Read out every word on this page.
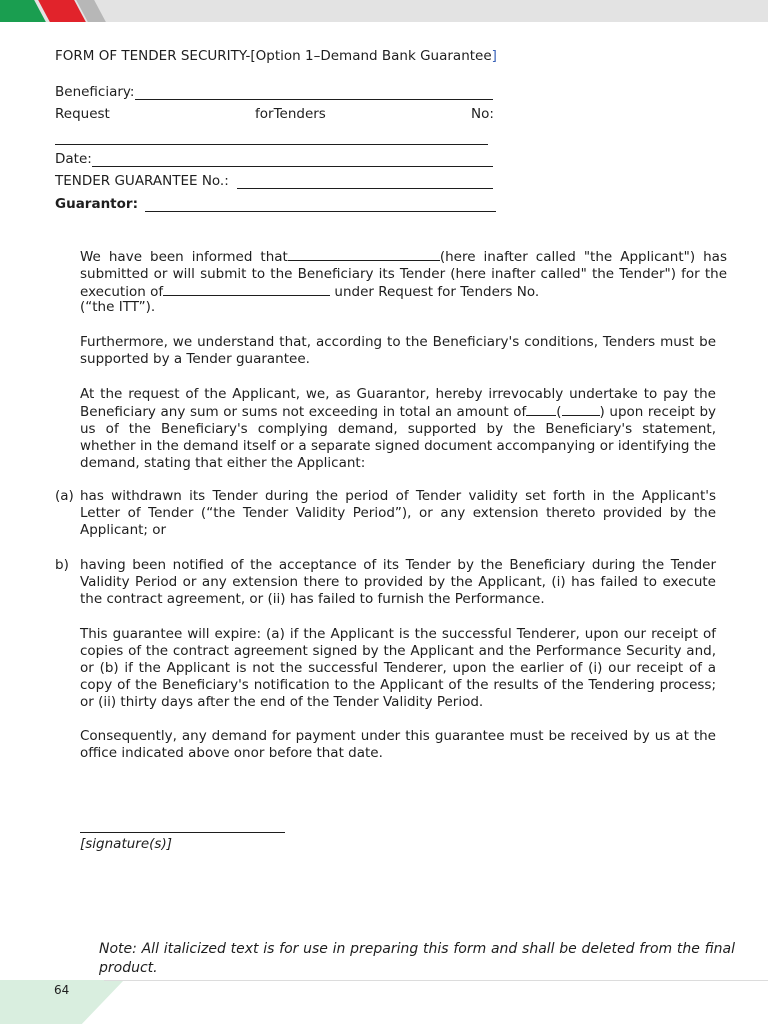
FORM OF TENDER SECURITY-[Option 1–Demand Bank Guarantee]
Beneficiary:
Request	forTenders	No:
Date:
TENDER GUARANTEE No.:
Guarantor:
We have been informed that	(here inafter called "the Applicant") has submitted or will submit to the Beneficiary its Tender (here inafter called" the Tender") for the execution of	under Request for Tenders No.
(“the ITT”).
Furthermore, we understand that, according to the Beneficiary's conditions, Tenders must be supported by a Tender guarantee.
At the request of the Applicant, we, as Guarantor, hereby irrevocably undertake to pay the Beneficiary any sum or sums not exceeding in total an amount of (	) upon receipt by us of the Beneficiary's complying demand, supported by the Beneficiary's statement, whether in the demand itself or a separate signed document accompanying or identifying the demand, stating that either the Applicant:
(a) has withdrawn its Tender during the period of Tender validity set forth in the Applicant's Letter of Tender (“the Tender Validity Period”), or any extension thereto provided by the Applicant; or
b) having been notified of the acceptance of its Tender by the Beneficiary during the Tender Validity Period or any extension there to provided by the Applicant, (i) has failed to execute the contract agreement, or (ii) has failed to furnish the Performance.
This guarantee will expire: (a) if the Applicant is the successful Tenderer, upon our receipt of copies of the contract agreement signed by the Applicant and the Performance Security and, or (b) if the Applicant is not the successful Tenderer, upon the earlier of (i) our receipt of a copy of the Beneficiary's notification to the Applicant of the results of the Tendering process; or (ii) thirty days after the end of the Tender Validity Period.
Consequently, any demand for payment under this guarantee must be received by us at the office indicated above onor before that date.
[signature(s)]
Note: All italicized text is for use in preparing this form and shall be deleted from the final product.
64
